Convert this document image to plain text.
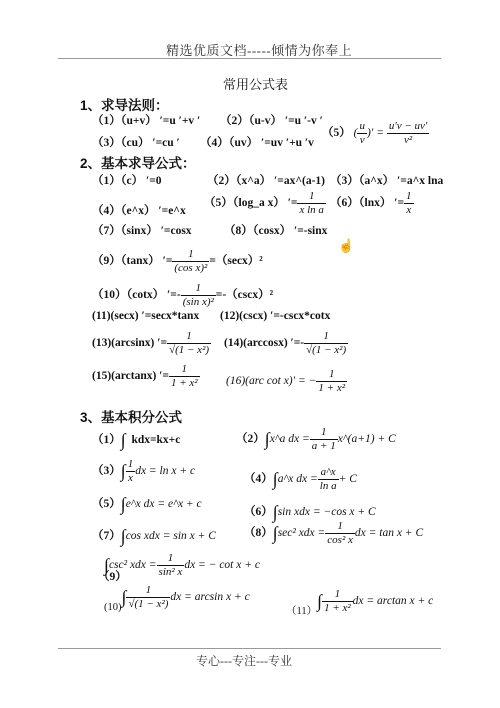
精选优质文档-----倾情为你奉上
常用公式表
1、求导法则：
（1）（u+v） ′=u ′+v ′ （2）（u-v） ′=u ′-v ′
（3）（cu） ′=cu ′ （4）（uv） ′=uv ′+u ′v
（5） ( $\frac{u}{v}$ )′ = $\frac{u'v - uv'}{\text{v²}}$
2、基本求导公式：
（1）（c） ′=0	（2）（x^a） ′=ax^(a-1) （3）（a^x） ′=a^x lna
（4）（e^x） ′=e^x
（5）（log_a x） ′= $\frac{1}{\text{x ln a}} (6)(\ln x)$ ′= $\frac{1}{x}$
（7）（sinx） ′=cosx	（8）（cosx） ′=-sinx
☝
（9）（tanx） ′= $\frac{1}{\text{(cos x)²}} =(\sec x)^2$
（10）（cotx） ′=- $\frac{1}{\text{(sin x)²}} =-(\csc x)^2$
(11)(secx) ′=secx*tanx (12)(cscx) ′=-cscx*cotx
(13)(arcsinx) ′= $\frac{1}{\text{√(1 − x²)}} (14)(\arccos x)$ ′=- $\frac{1}{\text{√(1 − x²)}}$
(15)(arctanx) ′= $\frac{1}{\text{1 + x²}} (16)(arc$ cot x)′ = − $\frac{1}{\text{1 + x²}}$
3、基本积分公式
（1）∫ kdx=kx+c	（2）∫x^a dx = $\frac{1}{a + 1}$ x^(a+1) + C
$(3)\int \frac{1}{x}$ dx = ln x + c
（4）∫a^x dx = $\frac{a\^{}x}{\text{ln a}} + C$
（5）∫e^x dx = e^x + c
（6）∫sin xdx = −cos x + C
（7）∫cos xdx = sin x + C （8）∫sec² xdx = $\frac{1}{\text{cos² x}}$ dx = tan x + C
∫csc² xdx = $\frac{1}{\text{sin² x}}$ dx = − cot x + c
（9）
$(10)\int \frac{1}{\text{√(1 − x²)}}$ dx = arcsin x + c
$(11)\int \frac{1}{\text{1 + x²}}$ dx = arctan x + c
专心---专注---专业
